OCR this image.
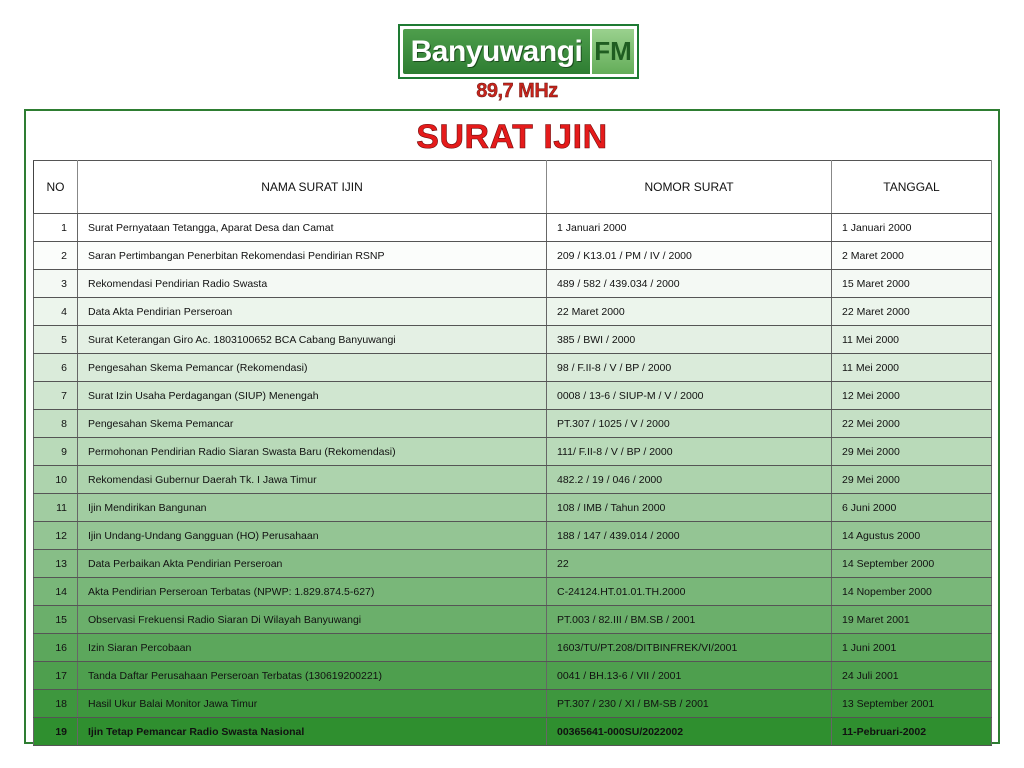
Banyuwangi FM
89,7 MHz
SURAT IJIN
NO	NAMA SURAT IJIN	NOMOR SURAT	TANGGAL
1	Surat Pernyataan Tetangga, Aparat Desa dan Camat	1 Januari 2000	1 Januari 2000
2	Saran Pertimbangan Penerbitan Rekomendasi Pendirian RSNP	209 / K13.01 / PM / IV / 2000	2 Maret 2000
3	Rekomendasi Pendirian Radio Swasta	489 / 582 / 439.034 / 2000	15 Maret 2000
4	Data Akta Pendirian Perseroan	22 Maret 2000	22 Maret 2000
5	Surat Keterangan Giro Ac. 1803100652 BCA Cabang Banyuwangi	385 / BWI / 2000	11 Mei 2000
6	Pengesahan Skema Pemancar (Rekomendasi)	98 / F.II-8 / V / BP / 2000	11 Mei 2000
7	Surat Izin Usaha Perdagangan (SIUP) Menengah	0008 / 13-6 / SIUP-M / V / 2000	12 Mei 2000
8	Pengesahan Skema Pemancar	PT.307 / 1025 / V / 2000	22 Mei 2000
9	Permohonan Pendirian Radio Siaran Swasta Baru (Rekomendasi)	111/ F.II-8 / V / BP / 2000	29 Mei 2000
10	Rekomendasi Gubernur Daerah Tk. I Jawa Timur	482.2 / 19 / 046 / 2000	29 Mei 2000
11	Ijin Mendirikan Bangunan	108 / IMB / Tahun 2000	6 Juni 2000
12	Ijin Undang-Undang Gangguan (HO) Perusahaan	188 / 147 / 439.014 / 2000	14 Agustus 2000
13	Data Perbaikan Akta Pendirian Perseroan	22	14 September 2000
14	Akta Pendirian Perseroan Terbatas (NPWP: 1.829.874.5-627)	C-24124.HT.01.01.TH.2000	14 Nopember 2000
15	Observasi Frekuensi Radio Siaran Di Wilayah Banyuwangi	PT.003 / 82.III / BM.SB / 2001	19 Maret 2001
16	Izin Siaran Percobaan	1603/TU/PT.208/DITBINFREK/VI/2001	1 Juni 2001
17	Tanda Daftar Perusahaan Perseroan Terbatas (130619200221)	0041 / BH.13-6 / VII / 2001	24 Juli 2001
18	Hasil Ukur Balai Monitor Jawa Timur	PT.307 / 230 / XI / BM-SB / 2001	13 September 2001
19	Ijin Tetap Pemancar Radio Swasta Nasional	00365641-000SU/2022002	11-Pebruari-2002
